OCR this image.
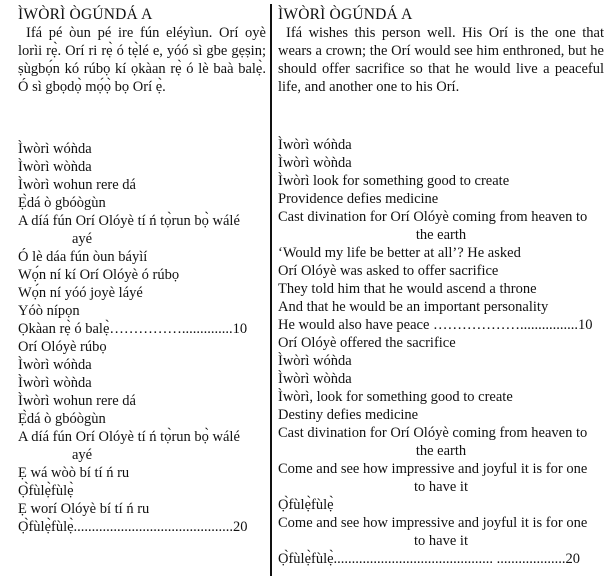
ÌWÒRÌ ÒGÚNDÁ A
Ifá pé òun pé ire fún eléyìun. Orí oyè lorìi rẹ̀. Orí ri rẹ̀ ó tẹ̀lé e, yóó sì gbe gẹṣin; ṣùgbọ́n kó rúbọ kí ọkàan rẹ̀ ó lè baà balẹ̀. Ó sì gbọdọ̀ mọ́ọ̀ bọ Orí ẹ̀.
Ìwòrì wóǹda
Ìwòrì wòǹda
Ìwòrì wohun rere dá
Ẹ̀dá ò gbóògùn
A díá fún Orí Olóyè tí ń tọ̀run bọ̀ wálé
ayé
Ó lè dáa fún òun báyìí
Wọ́n ní kí Orí Olóyè ó rúbọ
Wọ́n ní yóó joyè láyé
Yóò nípọn
Ọkàan rẹ̀ ó balẹ̀……………..............10
Orí Olóyè rúbọ
Ìwòrì wóǹda
Ìwòrì wòǹda
Ìwòrì wohun rere dá
Ẹ̀dá ò gbóògùn
A díá fún Orí Olóyè tí ń tọ̀run bọ̀ wálé
ayé
Ẹ wá wòò bí tí ń ru
Ọ̀fùlẹ̀fùlẹ̀
Ẹ worí Olóyè bí tí ń ru
Ọ̀fùlẹ̀fùlẹ̀............................................20
ÌWÒRÌ ÒGÚNDÁ A
Ifá wishes this person well. His Orí is the one that wears a crown; the Orí would see him enthroned, but he should offer sacrifice so that he would live a peaceful life, and another one to his Orí.
Ìwòrì wóǹda
Ìwòrì wòǹda
Ìwòrì look for something good to create
Providence defies medicine
Cast divination for Orí Olóyè coming from heaven to
the earth
‘Would my life be better at all’? He asked
Orí Olóyè was asked to offer sacrifice
They told him that he would ascend a throne
And that he would be an important personality
He would also have peace ………………................10
Orí Olóyè offered the sacrifice
Ìwòrì wóǹda
Ìwòrì wòǹda
Ìwòrì, look for something good to create
Destiny defies medicine
Cast divination for Orí Olóyè coming from heaven to
the earth
Come and see how impressive and joyful it is for one
to have it
Ọ̀fùlẹ̀fùlẹ̀
Come and see how impressive and joyful it is for one
to have it
Ọ̀fùlẹ̀fùlẹ̀............................................ ...................20
